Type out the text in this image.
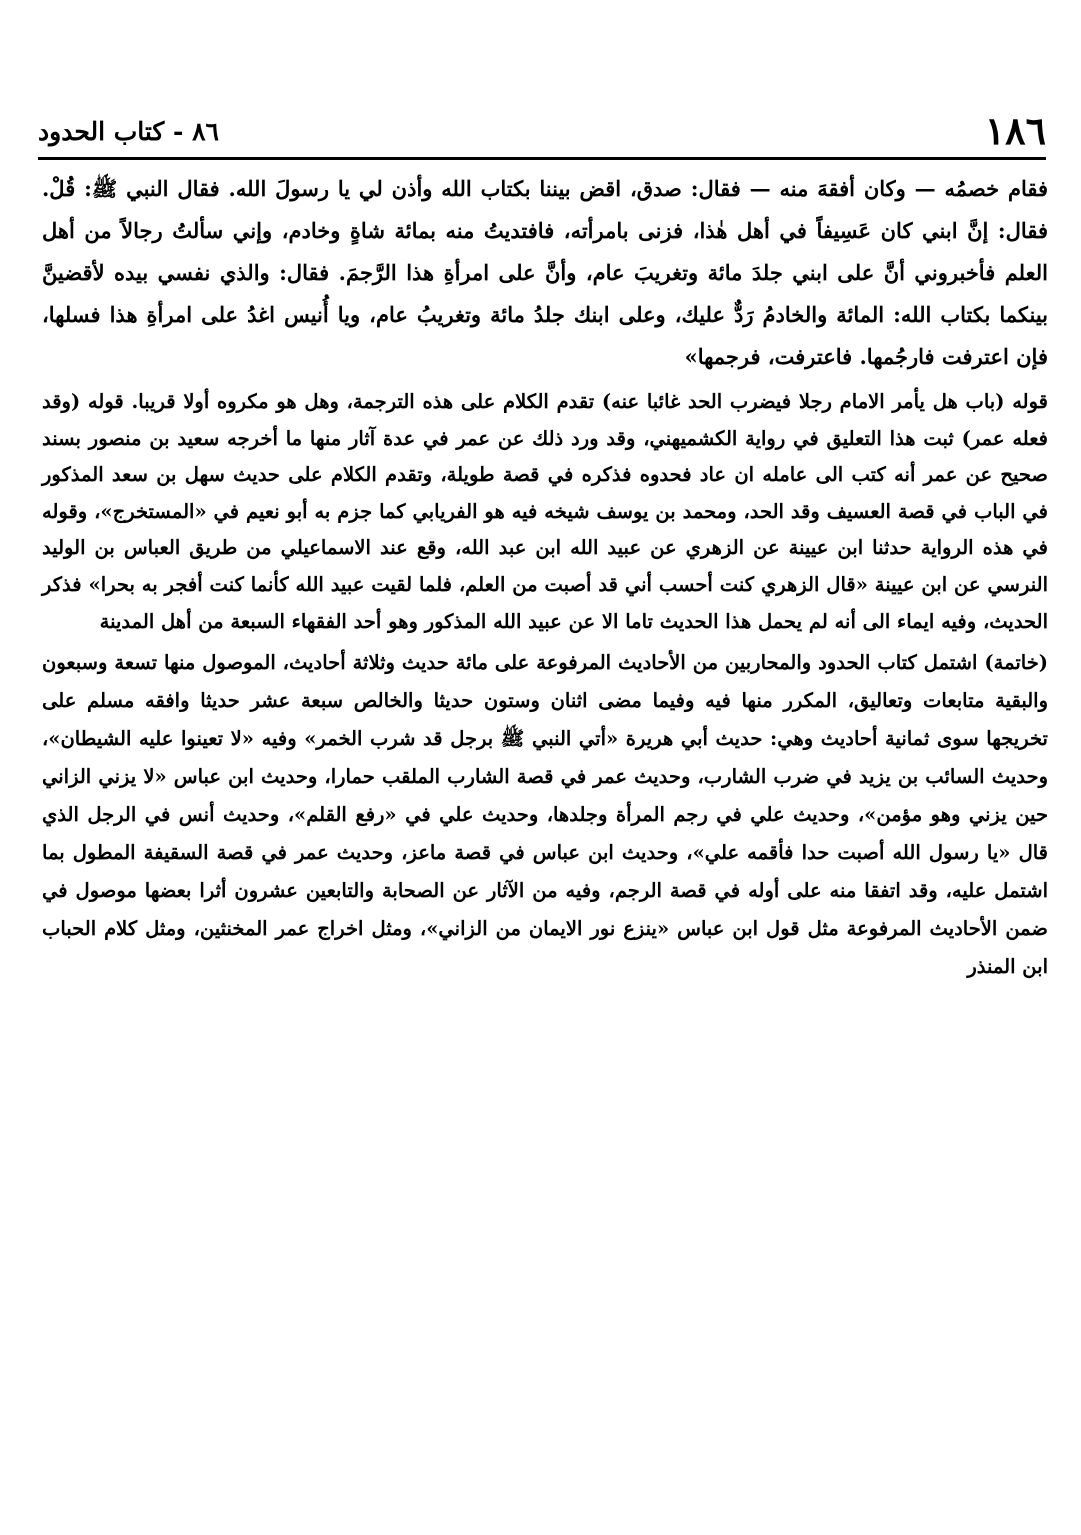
١٨٦
٨٦ - كتاب الحدود

فقام خصمُه — وكان أفقهَ منه — فقال: صدق، اقض بيننا بكتاب الله وأذن لي يا رسولَ الله. فقال النبي ﷺ: قُلْ. فقال: إنَّ ابني كان عَسِيفاً في أهل هٰذا، فزنى بامرأته، فافتديتُ منه بمائة شاةٍ وخادم، وإني سألتُ رجالاً من أهل العلم فأخبروني أنَّ على ابني جلدَ مائة وتغريبَ عام، وأنَّ على امرأةِ هذا الرَّجمَ. فقال: والذي نفسي بيده لأقضينَّ بينكما بكتاب الله: المائة والخادمُ رَدٌّ عليك، وعلى ابنك جلدُ مائة وتغريبُ عام، ويا أُنيس اغدُ على امرأةِ هذا فسلها، فإن اعترفت فارجُمها. فاعترفت، فرجمها»

قوله (باب هل يأمر الامام رجلا فيضرب الحد غائبا عنه) تقدم الكلام على هذه الترجمة، وهل هو مكروه أولا قريبا. قوله (وقد فعله عمر) ثبت هذا التعليق في رواية الكشميهني، وقد ورد ذلك عن عمر في عدة آثار منها ما أخرجه سعيد بن منصور بسند صحيح عن عمر أنه كتب الى عامله ان عاد فحدوه فذكره في قصة طويلة، وتقدم الكلام على حديث سهل بن سعد المذكور في الباب في قصة العسيف وقد الحد، ومحمد بن يوسف شيخه فيه هو الفريابي كما جزم به أبو نعيم في «المستخرج»، وقوله في هذه الرواية حدثنا ابن عيينة عن الزهري عن عبيد الله ابن عبد الله، وقع عند الاسماعيلي من طريق العباس بن الوليد النرسي عن ابن عيينة «قال الزهري كنت أحسب أني قد أصبت من العلم، فلما لقيت عبيد الله كأنما كنت أفجر به بحرا» فذكر الحديث، وفيه ايماء الى أنه لم يحمل هذا الحديث تاما الا عن عبيد الله المذكور وهو أحد الفقهاء السبعة من أهل المدينة

(خاتمة) اشتمل كتاب الحدود والمحاربين من الأحاديث المرفوعة على مائة حديث وثلاثة أحاديث، الموصول منها تسعة وسبعون والبقية متابعات وتعاليق، المكرر منها فيه وفيما مضى اثنان وستون حديثا والخالص سبعة عشر حديثا وافقه مسلم على تخريجها سوى ثمانية أحاديث وهي: حديث أبي هريرة «أتي النبي ﷺ برجل قد شرب الخمر» وفيه «لا تعينوا عليه الشيطان»، وحديث السائب بن يزيد في ضرب الشارب، وحديث عمر في قصة الشارب الملقب حمارا، وحديث ابن عباس «لا يزني الزاني حين يزني وهو مؤمن»، وحديث علي في رجم المرأة وجلدها، وحديث علي في «رفع القلم»، وحديث أنس في الرجل الذي قال «يا رسول الله أصبت حدا فأقمه علي»، وحديث ابن عباس في قصة ماعز، وحديث عمر في قصة السقيفة المطول بما اشتمل عليه، وقد اتفقا منه على أوله في قصة الرجم، وفيه من الآثار عن الصحابة والتابعين عشرون أثرا بعضها موصول في ضمن الأحاديث المرفوعة مثل قول ابن عباس «ينزع نور الايمان من الزاني»، ومثل اخراج عمر المخنثين، ومثل كلام الحباب ابن المنذر
